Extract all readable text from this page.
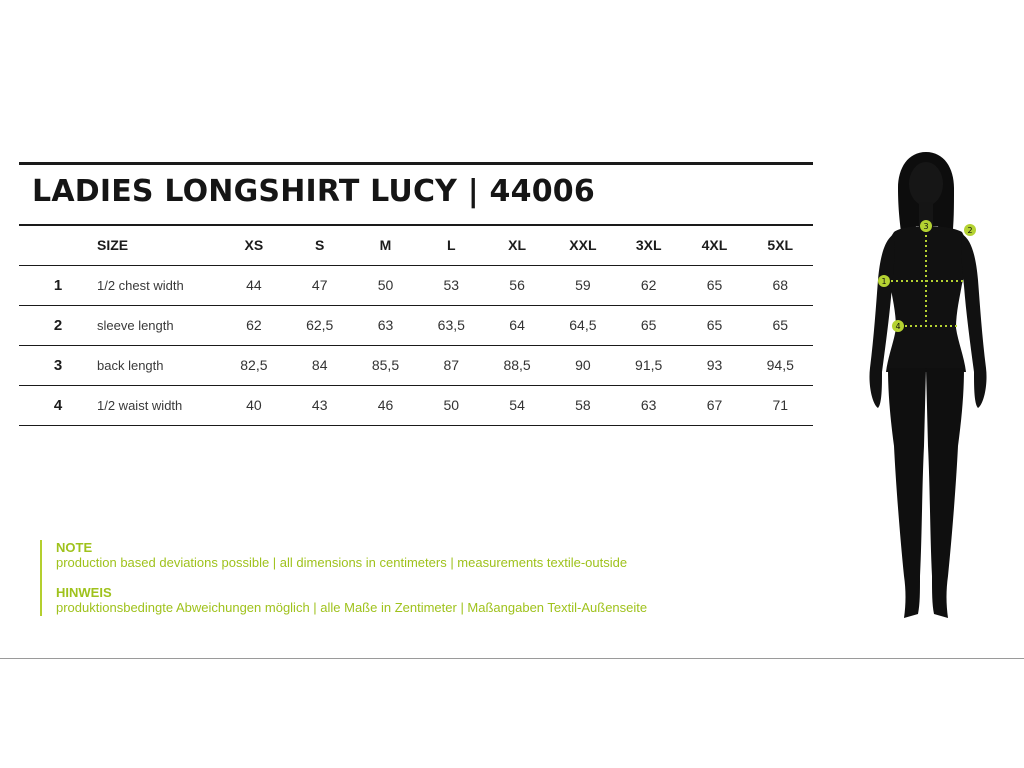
LADIES LONGSHIRT LUCY | 44006
	SIZE	XS	S	M	L	XL	XXL	3XL	4XL	5XL
1	1/2 chest width	44	47	50	53	56	59	62	65	68
2	sleeve length	62	62,5	63	63,5	64	64,5	65	65	65
3	back length	82,5	84	85,5	87	88,5	90	91,5	93	94,5
4	1/2 waist width	40	43	46	50	54	58	63	67	71
NOTE
production based deviations possible | all dimensions in centimeters | measurements textile-outside
HINWEIS
produktionsbedingte Abweichungen möglich | alle Maße in Zentimeter | Maßangaben Textil-Außenseite
3	2
1
4
